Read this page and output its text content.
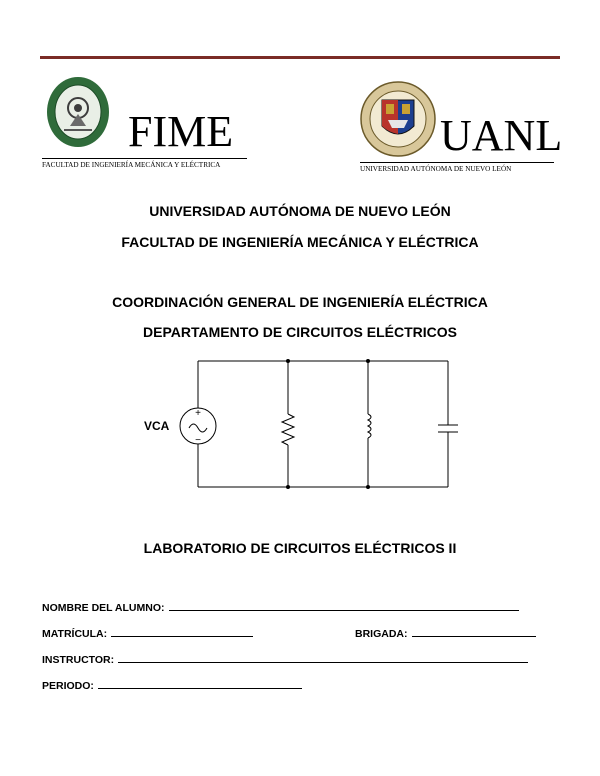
FIME
FACULTAD DE INGENIERÍA MECÁNICA Y ELÉCTRICA
UANL
UNIVERSIDAD AUTÓNOMA DE NUEVO LEÓN
UNIVERSIDAD AUTÓNOMA DE NUEVO LEÓN
FACULTAD DE INGENIERÍA MECÁNICA Y ELÉCTRICA
COORDINACIÓN GENERAL DE INGENIERÍA ELÉCTRICA
DEPARTAMENTO DE CIRCUITOS ELÉCTRICOS
+
−
VCA
LABORATORIO DE CIRCUITOS ELÉCTRICOS II
NOMBRE DEL ALUMNO:
MATRÍCULA:	BRIGADA:
INSTRUCTOR:
PERIODO:
